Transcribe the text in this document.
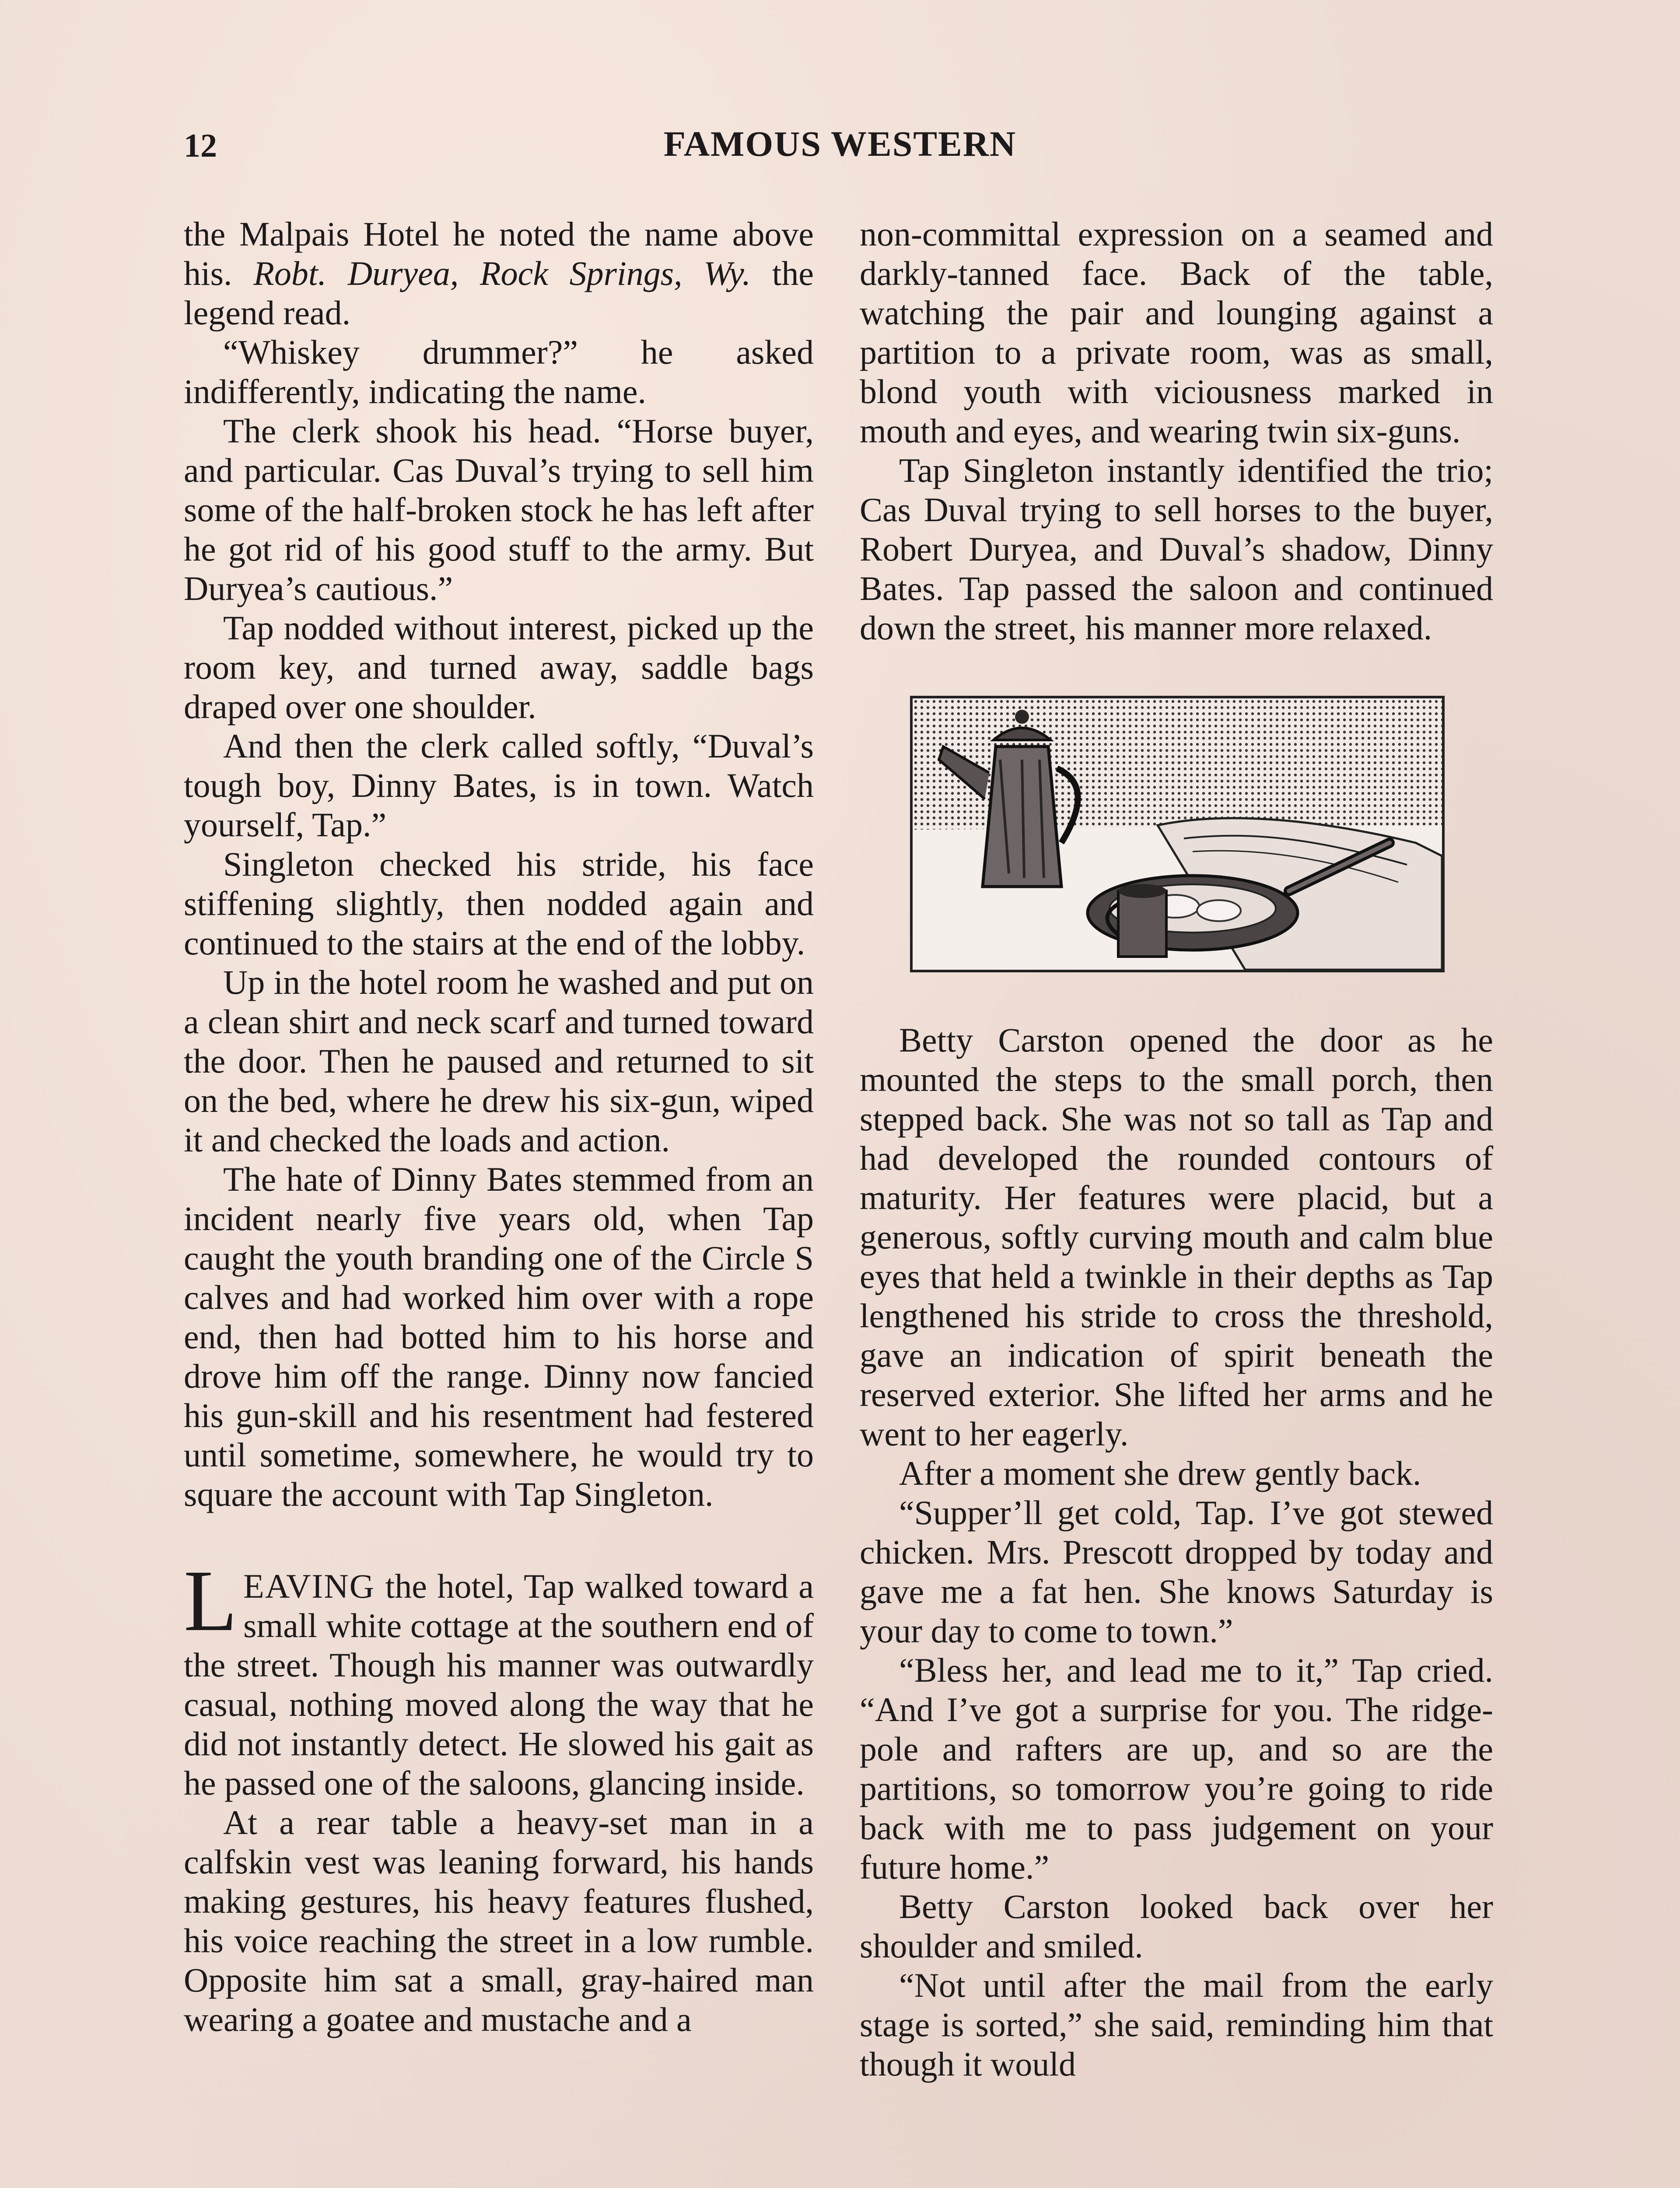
12	FAMOUS WESTERN

the Malpais Hotel he noted the name above his. Robt. Duryea, Rock Springs, Wy. the legend read.

“Whiskey drummer?” he asked indifferently, indicating the name.

The clerk shook his head. “Horse buyer, and particular. Cas Duval’s trying to sell him some of the half-broken stock he has left after he got rid of his good stuff to the army. But Duryea’s cautious.”

Tap nodded without interest, picked up the room key, and turned away, saddle bags draped over one shoulder.

And then the clerk called softly, “Duval’s tough boy, Dinny Bates, is in town. Watch yourself, Tap.”

Singleton checked his stride, his face stiffening slightly, then nodded again and continued to the stairs at the end of the lobby.

Up in the hotel room he washed and put on a clean shirt and neck scarf and turned toward the door. Then he paused and returned to sit on the bed, where he drew his six-gun, wiped it and checked the loads and action.

The hate of Dinny Bates stemmed from an incident nearly five years old, when Tap caught the youth branding one of the Circle S calves and had worked him over with a rope end, then had botted him to his horse and drove him off the range. Dinny now fancied his gun-skill and his resentment had festered until sometime, somewhere, he would try to square the account with Tap Singleton.

LEAVING the hotel, Tap walked toward a small white cottage at the southern end of the street. Though his manner was outwardly casual, nothing moved along the way that he did not instantly detect. He slowed his gait as he passed one of the saloons, glancing inside.

At a rear table a heavy-set man in a calfskin vest was leaning forward, his hands making gestures, his heavy features flushed, his voice reaching the street in a low rumble. Opposite him sat a small, gray-haired man wearing a goatee and mustache and a

non-committal expression on a seamed and darkly-tanned face. Back of the table, watching the pair and lounging against a partition to a private room, was as small, blond youth with viciousness marked in mouth and eyes, and wearing twin six-guns.

Tap Singleton instantly identified the trio; Cas Duval trying to sell horses to the buyer, Robert Duryea, and Duval’s shadow, Dinny Bates. Tap passed the saloon and continued down the street, his manner more relaxed.

Betty Carston opened the door as he mounted the steps to the small porch, then stepped back. She was not so tall as Tap and had developed the rounded contours of maturity. Her features were placid, but a generous, softly curving mouth and calm blue eyes that held a twinkle in their depths as Tap lengthened his stride to cross the threshold, gave an indication of spirit beneath the reserved exterior. She lifted her arms and he went to her eagerly.

After a moment she drew gently back.

“Supper’ll get cold, Tap. I’ve got stewed chicken. Mrs. Prescott dropped by today and gave me a fat hen. She knows Saturday is your day to come to town.”

“Bless her, and lead me to it,” Tap cried. “And I’ve got a surprise for you. The ridge-pole and rafters are up, and so are the partitions, so tomorrow you’re going to ride back with me to pass judgement on your future home.”

Betty Carston looked back over her shoulder and smiled.

“Not until after the mail from the early stage is sorted,” she said, reminding him that though it would
